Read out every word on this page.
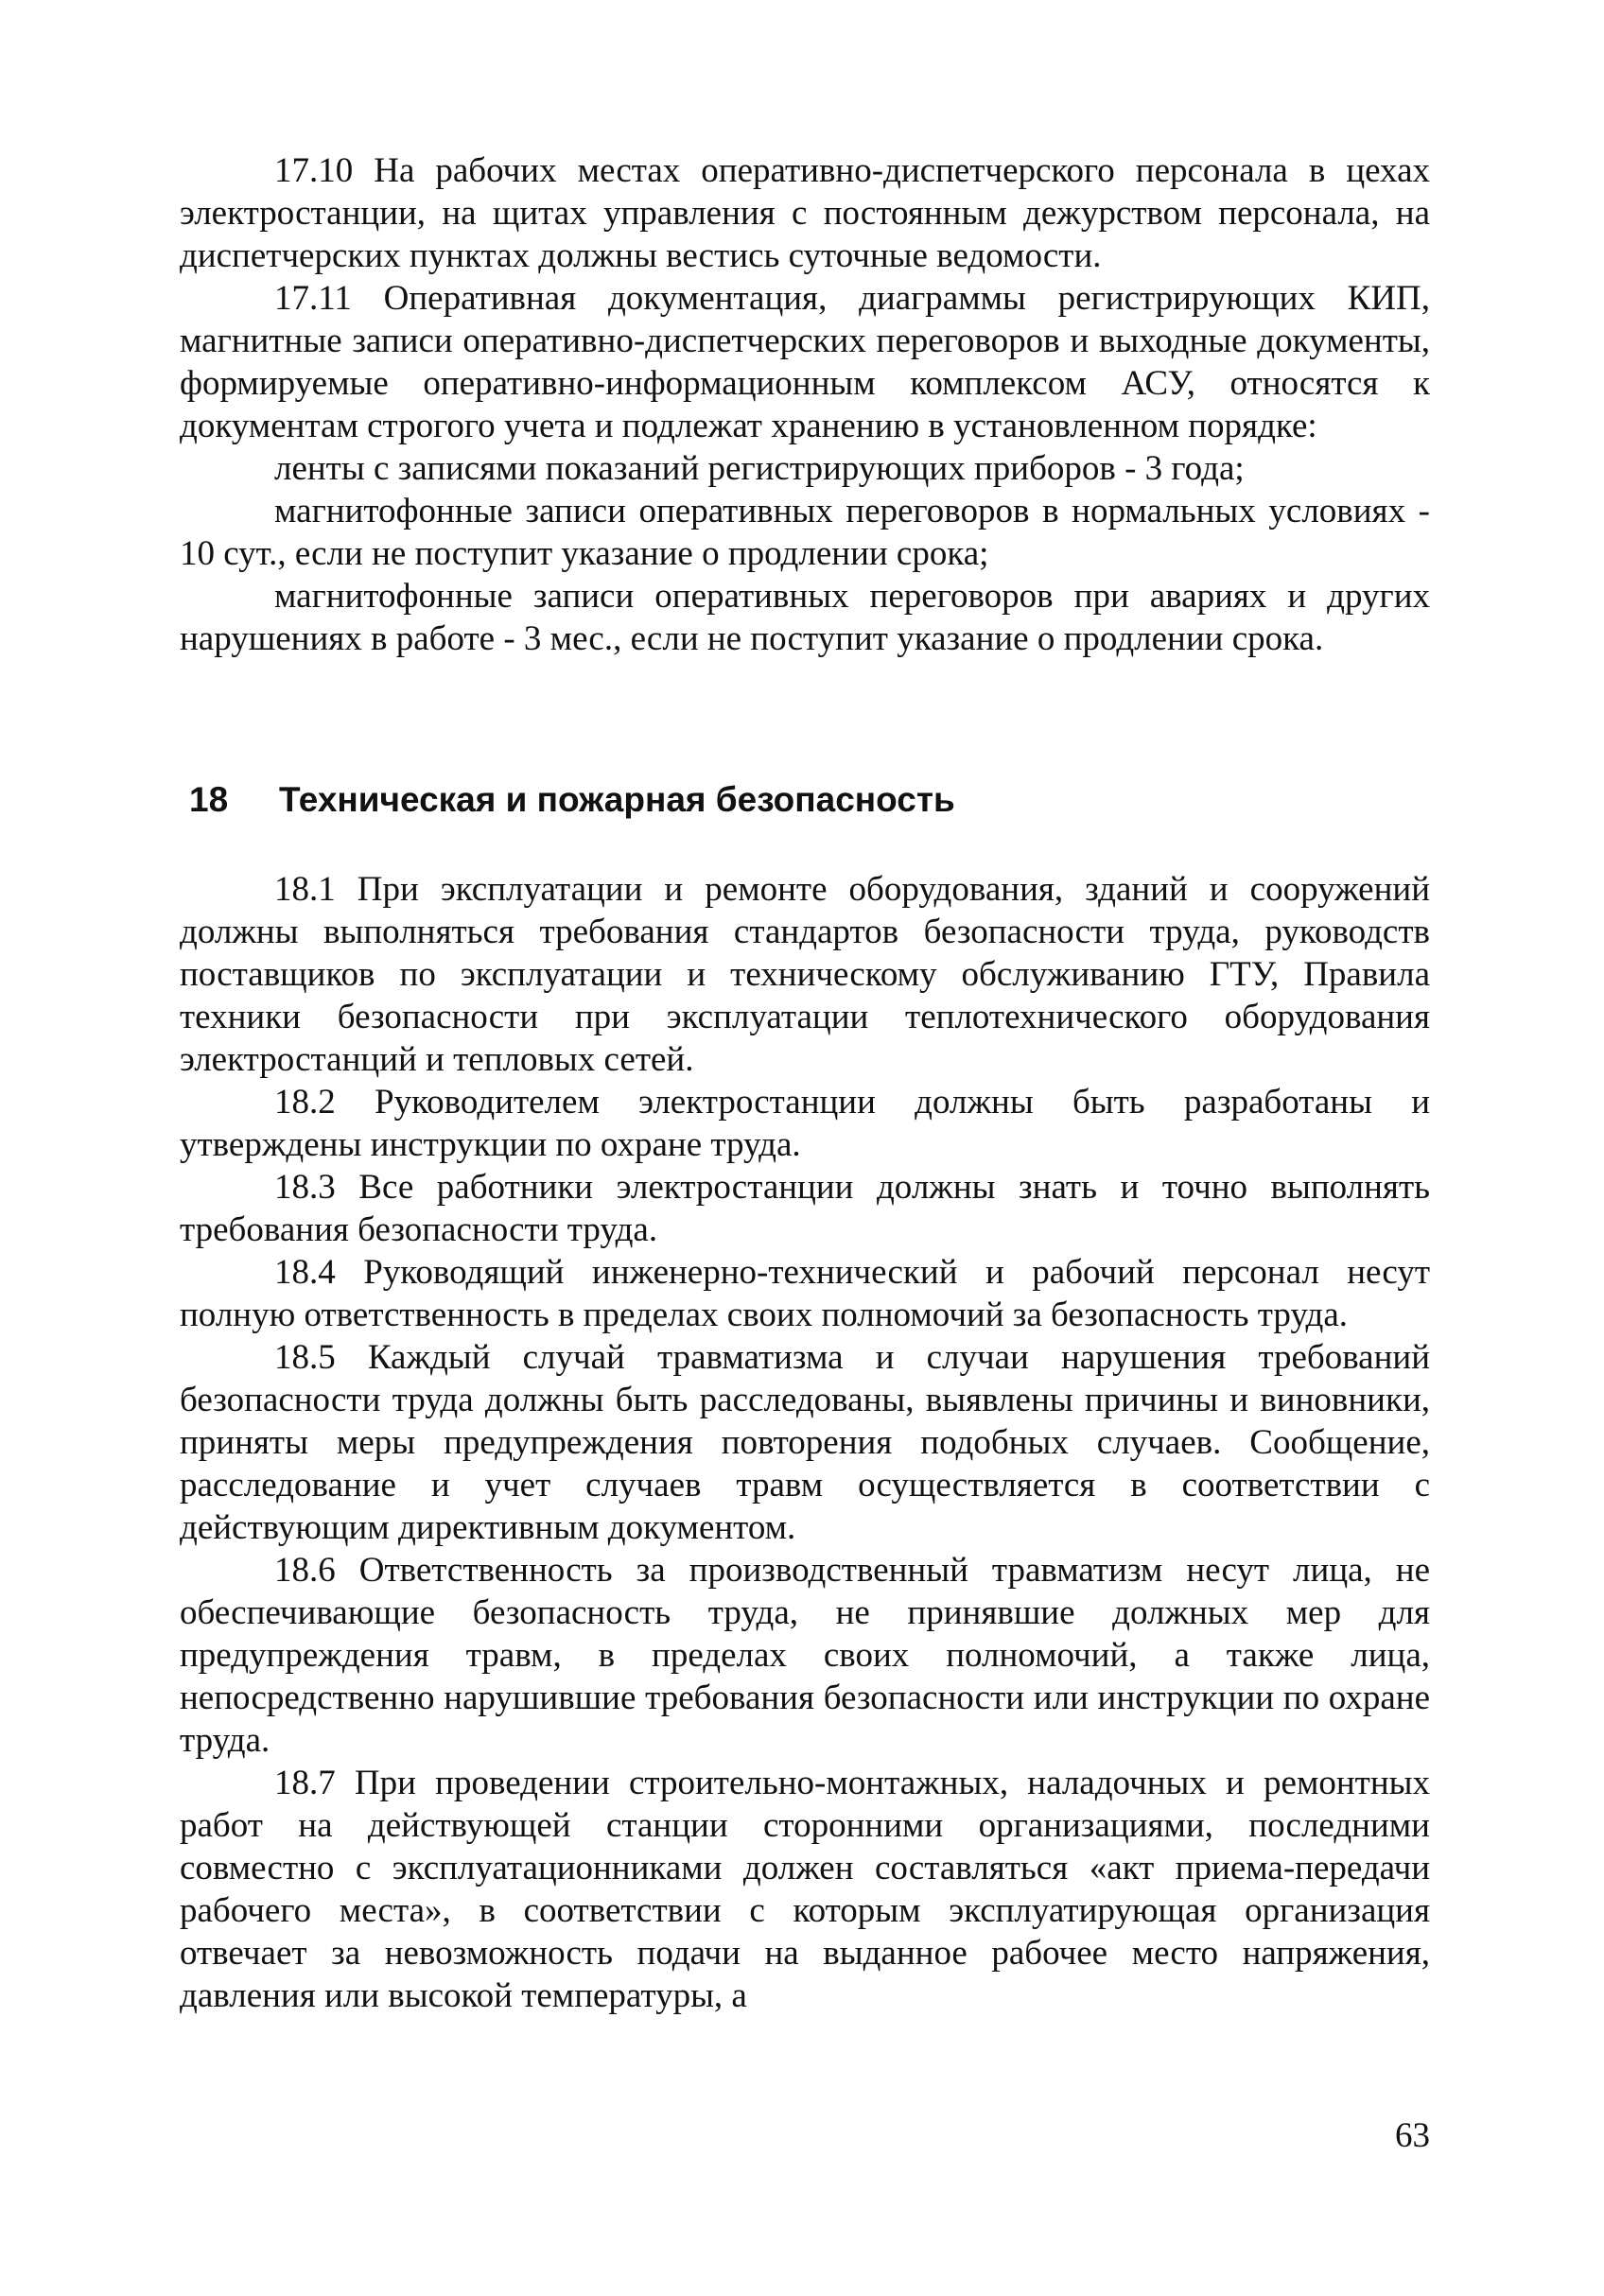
17.10 На рабочих местах оперативно-диспетчерского персонала в цехах электростанции, на щитах управления с постоянным дежурством персонала, на диспетчерских пунктах должны вестись суточные ведомости.

17.11 Оперативная документация, диаграммы регистрирующих КИП, магнитные записи оперативно-диспетчерских переговоров и выходные документы, формируемые оперативно-информационным комплексом АСУ, относятся к документам строгого учета и подлежат хранению в установленном порядке:

ленты с записями показаний регистрирующих приборов - 3 года;

магнитофонные записи оперативных переговоров в нормальных условиях - 10 сут., если не поступит указание о продлении срока;

магнитофонные записи оперативных переговоров при авариях и других нарушениях в работе - 3 мес., если не поступит указание о продлении срока.

18 Техническая и пожарная безопасность

18.1 При эксплуатации и ремонте оборудования, зданий и сооружений должны выполняться требования стандартов безопасности труда, руководств поставщиков по эксплуатации и техническому обслуживанию ГТУ, Правила техники безопасности при эксплуатации теплотехнического оборудования электростанций и тепловых сетей.

18.2 Руководителем электростанции должны быть разработаны и утверждены инструкции по охране труда.

18.3 Все работники электростанции должны знать и точно выполнять требования безопасности труда.

18.4 Руководящий инженерно-технический и рабочий персонал несут полную ответственность в пределах своих полномочий за безопасность труда.

18.5 Каждый случай травматизма и случаи нарушения требований безопасности труда должны быть расследованы, выявлены причины и виновники, приняты меры предупреждения повторения подобных случаев. Сообщение, расследование и учет случаев травм осуществляется в соответствии с действующим директивным документом.

18.6 Ответственность за производственный травматизм несут лица, не обеспечивающие безопасность труда, не принявшие должных мер для предупреждения травм, в пределах своих полномочий, а также лица, непосредственно нарушившие требования безопасности или инструкции по охране труда.

18.7 При проведении строительно-монтажных, наладочных и ремонтных работ на действующей станции сторонними организациями, последними совместно с эксплуатационниками должен составляться «акт приема-передачи рабочего места», в соответствии с которым эксплуатирующая организация отвечает за невозможность подачи на выданное рабочее место напряжения, давления или высокой температуры, а

63
